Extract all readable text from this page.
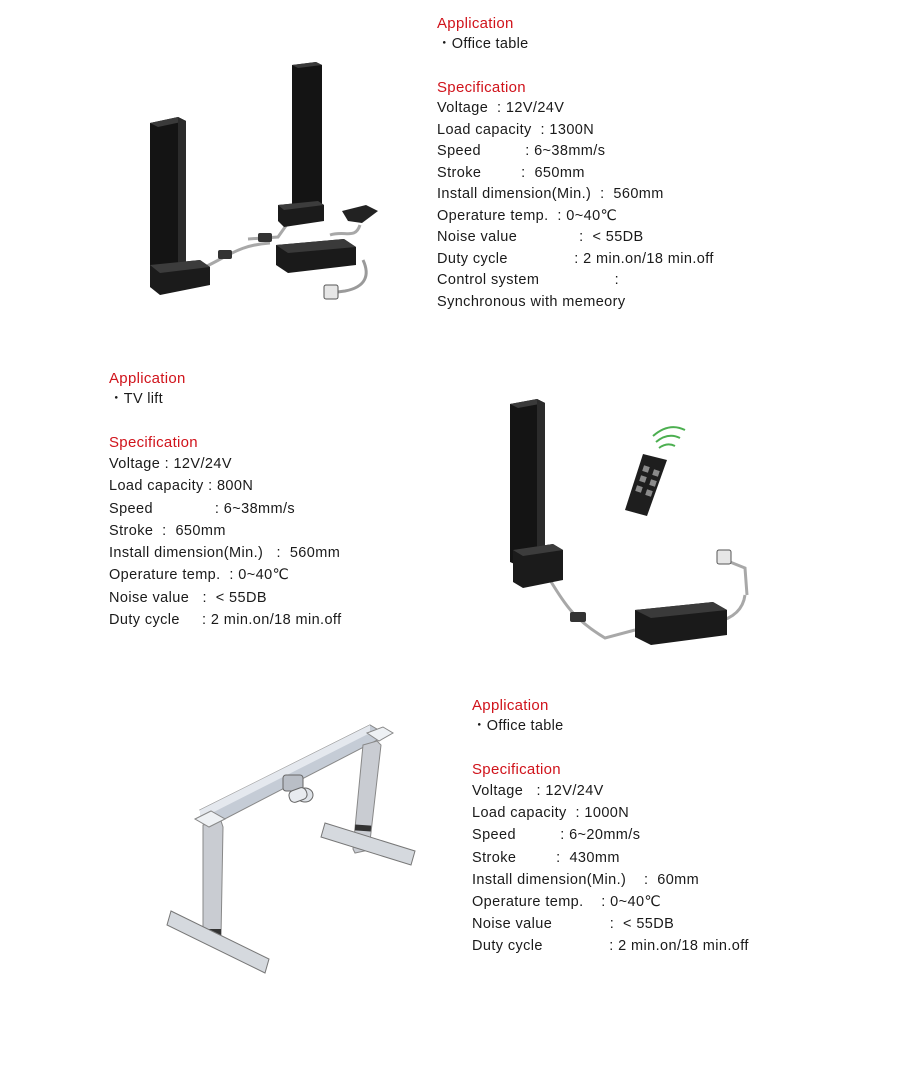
Application
・Office table
Specification
Voltage  : 12V/24V
Load capacity  : 1300N
Speed          : 6~38mm/s
Stroke         :  650mm
Install dimension(Min.)  :  560mm
Operature temp.  : 0~40℃
Noise value              :  < 55DB
Duty cycle               : 2 min.on/18 min.off
Control system                 :
Synchronous with memeory
Application
・TV lift
Specification
Voltage : 12V/24V
Load capacity : 800N
Speed              : 6~38mm/s
Stroke  :  650mm
Install dimension(Min.)   :  560mm
Operature temp.  : 0~40℃
Noise value   :  < 55DB
Duty cycle     : 2 min.on/18 min.off
Application
・Office table
Specification
Voltage   : 12V/24V
Load capacity  : 1000N
Speed          : 6~20mm/s
Stroke         :  430mm
Install dimension(Min.)    :  60mm
Operature temp.    : 0~40℃
Noise value             :  < 55DB
Duty cycle               : 2 min.on/18 min.off
